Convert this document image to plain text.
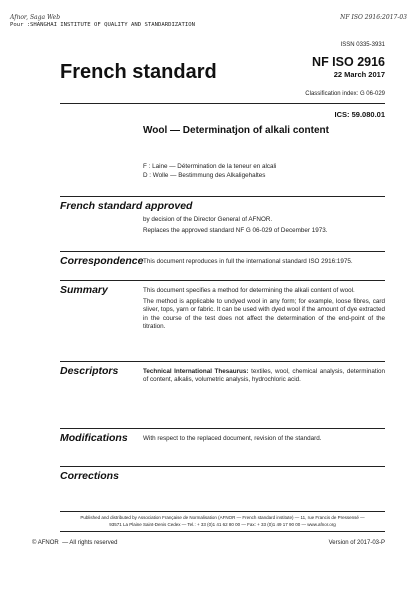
Afnor, Saga Web	NF ISO 2916:2017-03
Pour : SHANGHAI INSTITUTE OF QUALITY AND STANDARDIZATION
ISSN 0335-3931
French standard	NF ISO 2916
22 March 2017
Classification index: G 06-029
ICS: 59.080.01
Wool — Determinatjon of alkali content
F : Laine — Détermination de la teneur en alcali
D : Wolle — Bestimmung des Alkaligehaltes
French standard approved
by decision of the Director General of AFNOR.
Replaces the approved standard NF G 06-029 of December 1973.
Correspondence This document reproduces in full the international standard ISO 2916:1975.
Summary	This document specifies a method for determining the alkali content of wool.
The method is applicable to undyed wool in any form; for example, loose fibres, card sliver, tops, yarn or fabric. It can be used with dyed wool if the amount of dye extracted in the course of the test does not affect the determination of the end-point of the titration.
Descriptors	Technical International Thesaurus: textiles, wool, chemical analysis, determination of content, alkalis, volumetric analysis, hydrochloric acid.
Modifications With respect to the replaced document, revision of the standard.
Corrections
Published and distributed by Association Française de Normalisation (AFNOR — French standard institute) — 11, rue Francis de Pressensé —
93571 La Plaine Saint-Denis Cedex — Tel.: + 33 (0)1 41 62 80 00 — Fax: + 33 (0)1 49 17 90 00 — www.afnor.org
© AFNOR  — All rights reserved	Version of 2017-03-P
